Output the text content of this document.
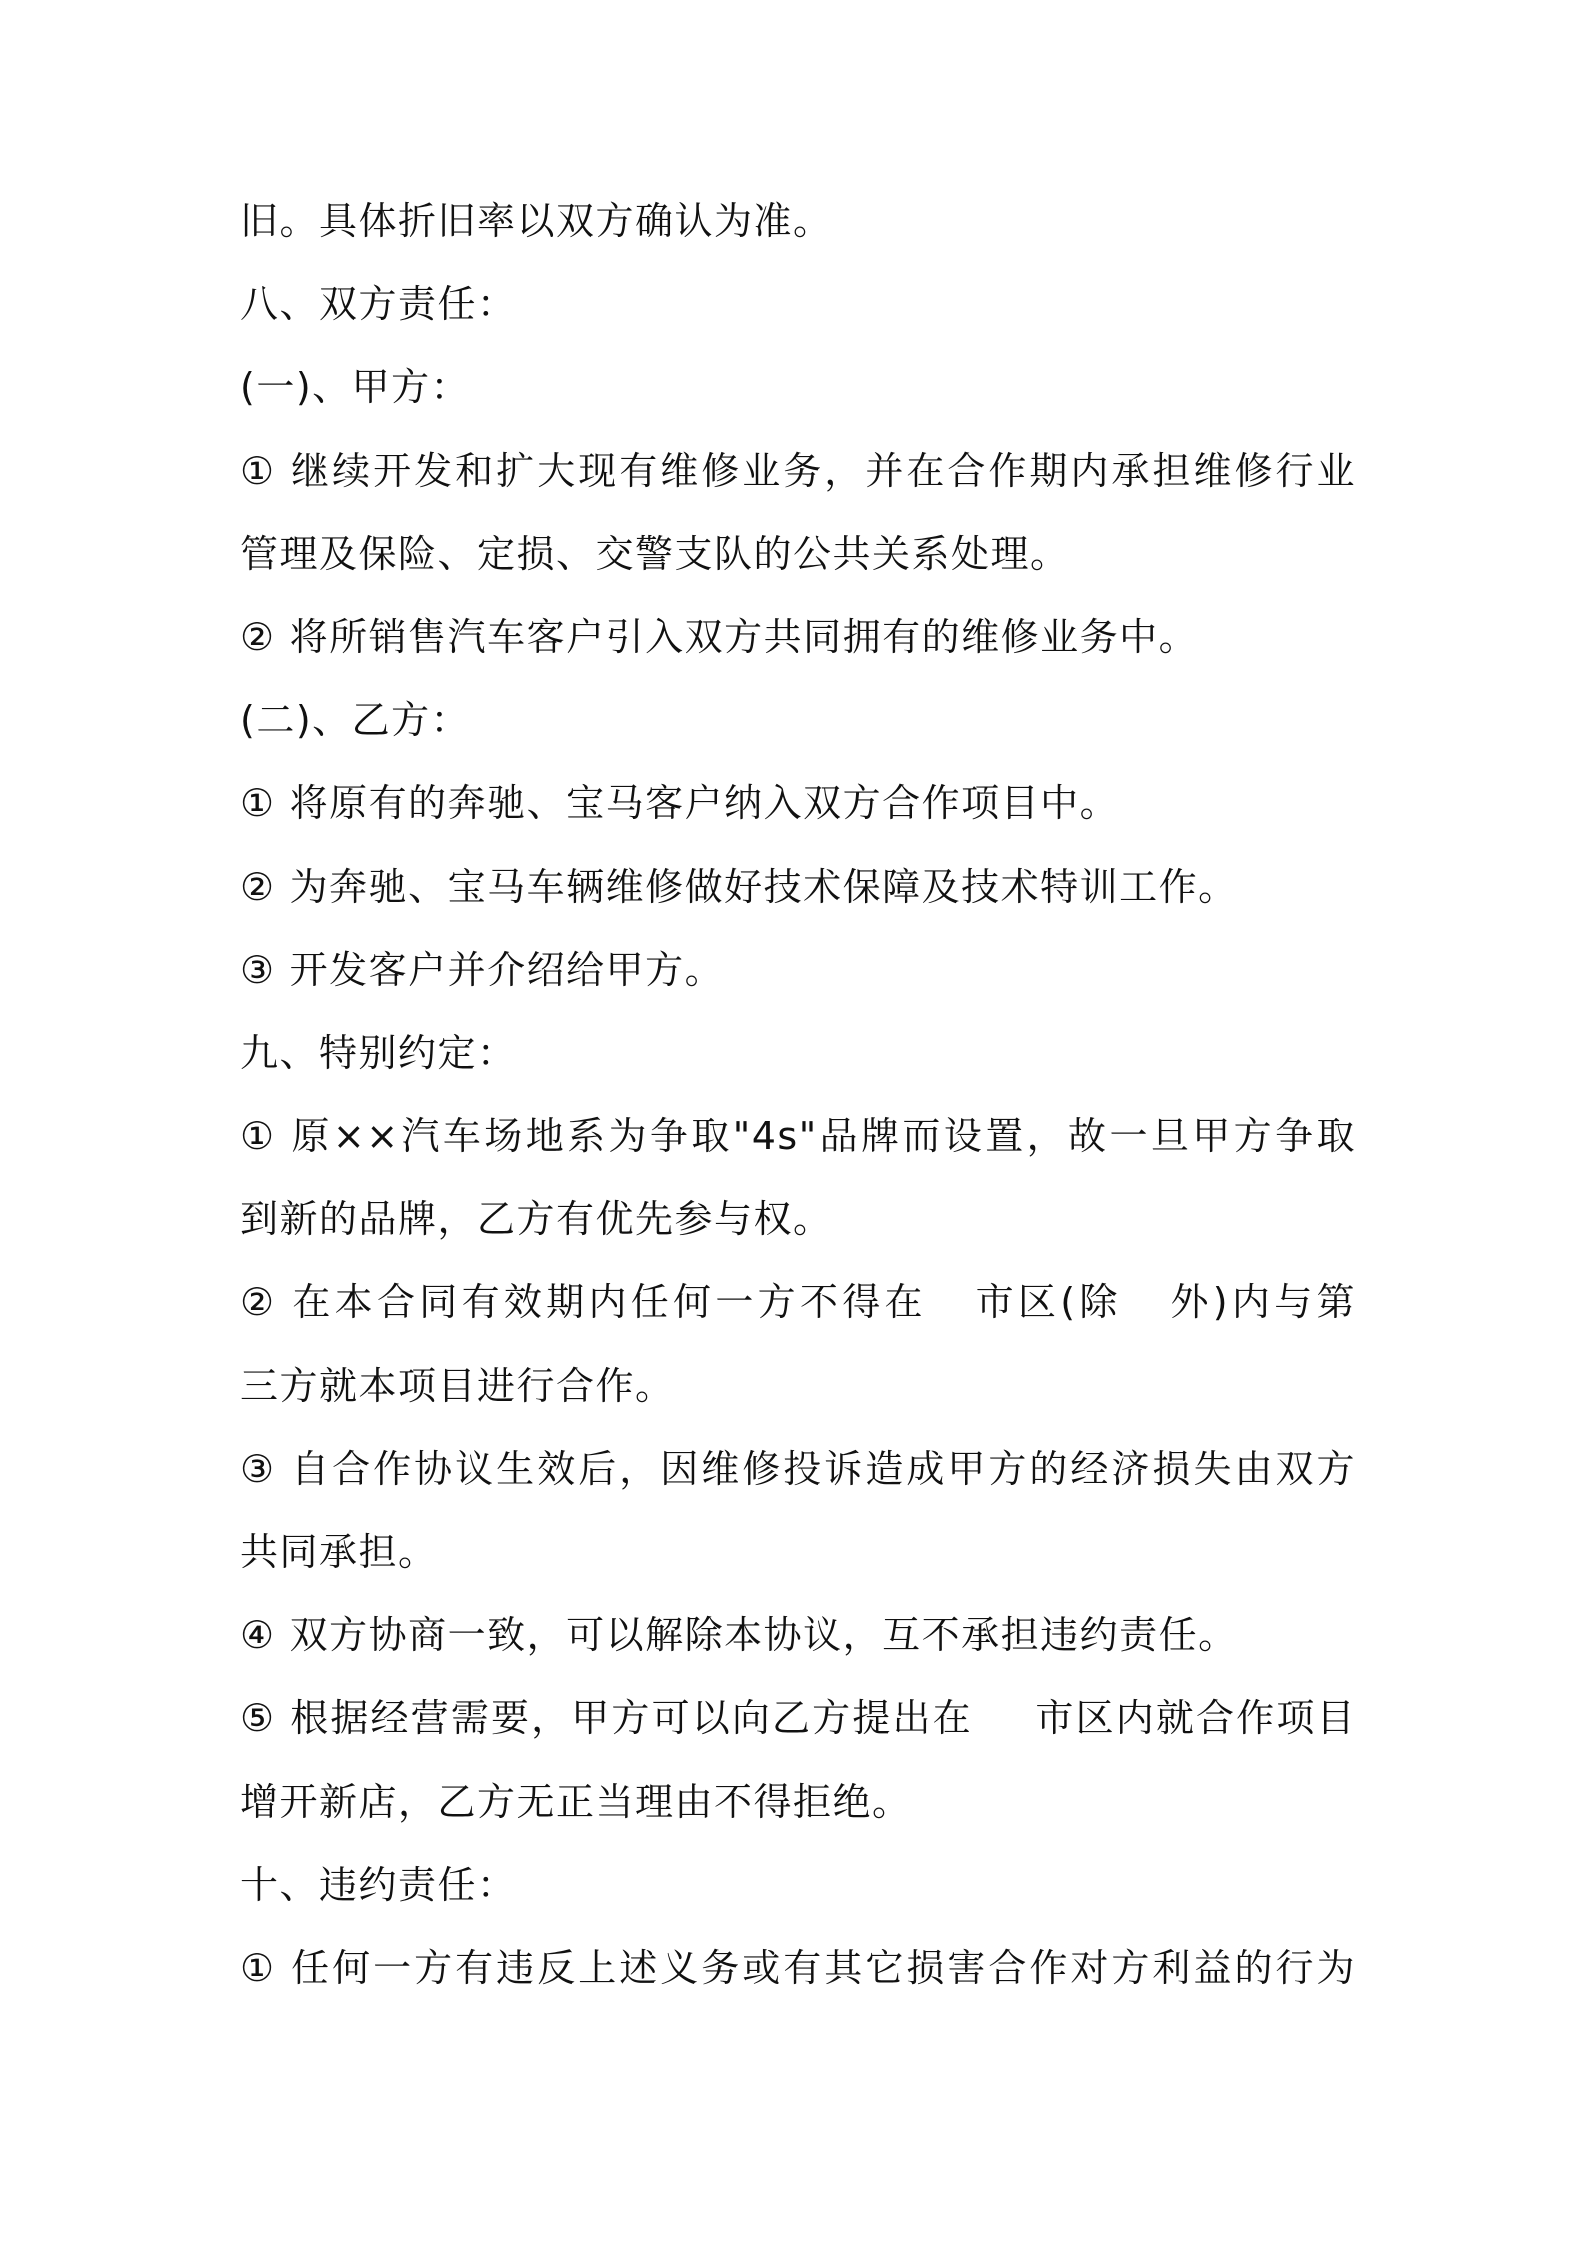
旧。具体折旧率以双方确认为准。
八、双方责任：
(一)、甲方：
① 继续开发和扩大现有维修业务，并在合作期内承担维修行业
管理及保险、定损、交警支队的公共关系处理。
② 将所销售汽车客户引入双方共同拥有的维修业务中。
(二)、乙方：
① 将原有的奔驰、宝马客户纳入双方合作项目中。
② 为奔驰、宝马车辆维修做好技术保障及技术特训工作。
③ 开发客户并介绍给甲方。
九、特别约定：
① 原××汽车场地系为争取"4s"品牌而设置，故一旦甲方争取
到新的品牌，乙方有优先参与权。
② 在本合同有效期内任何一方不得在 市区(除 外)内与第
三方就本项目进行合作。
③ 自合作协议生效后，因维修投诉造成甲方的经济损失由双方
共同承担。
④ 双方协商一致，可以解除本协议，互不承担违约责任。
⑤ 根据经营需要，甲方可以向乙方提出在 市区内就合作项目
增开新店，乙方无正当理由不得拒绝。
十、违约责任：
① 任何一方有违反上述义务或有其它损害合作对方利益的行为
